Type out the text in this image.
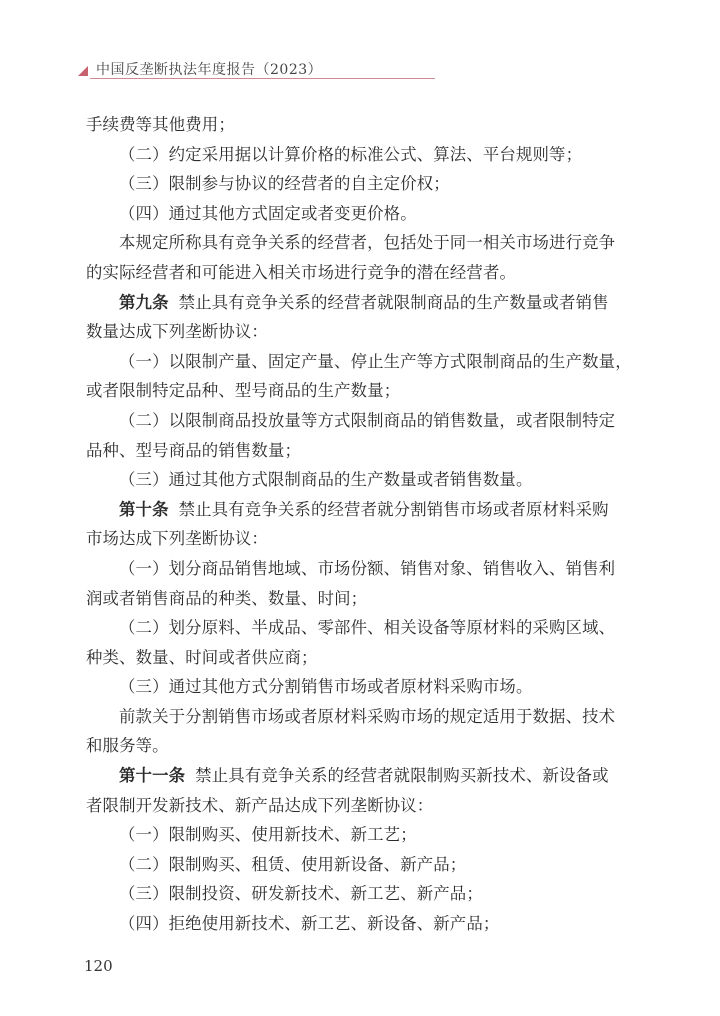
中国反垄断执法年度报告（2023）
手续费等其他费用；
（二）约定采用据以计算价格的标准公式、算法、平台规则等；
（三）限制参与协议的经营者的自主定价权；
（四）通过其他方式固定或者变更价格。
本规定所称具有竞争关系的经营者，包括处于同一相关市场进行竞争
的实际经营者和可能进入相关市场进行竞争的潜在经营者。
第九条 禁止具有竞争关系的经营者就限制商品的生产数量或者销售
数量达成下列垄断协议：
（一）以限制产量、固定产量、停止生产等方式限制商品的生产数量，
或者限制特定品种、型号商品的生产数量；
（二）以限制商品投放量等方式限制商品的销售数量，或者限制特定
品种、型号商品的销售数量；
（三）通过其他方式限制商品的生产数量或者销售数量。
第十条 禁止具有竞争关系的经营者就分割销售市场或者原材料采购
市场达成下列垄断协议：
（一）划分商品销售地域、市场份额、销售对象、销售收入、销售利
润或者销售商品的种类、数量、时间；
（二）划分原料、半成品、零部件、相关设备等原材料的采购区域、
种类、数量、时间或者供应商；
（三）通过其他方式分割销售市场或者原材料采购市场。
前款关于分割销售市场或者原材料采购市场的规定适用于数据、技术
和服务等。
第十一条 禁止具有竞争关系的经营者就限制购买新技术、新设备或
者限制开发新技术、新产品达成下列垄断协议：
（一）限制购买、使用新技术、新工艺；
（二）限制购买、租赁、使用新设备、新产品；
（三）限制投资、研发新技术、新工艺、新产品；
（四）拒绝使用新技术、新工艺、新设备、新产品；
120
